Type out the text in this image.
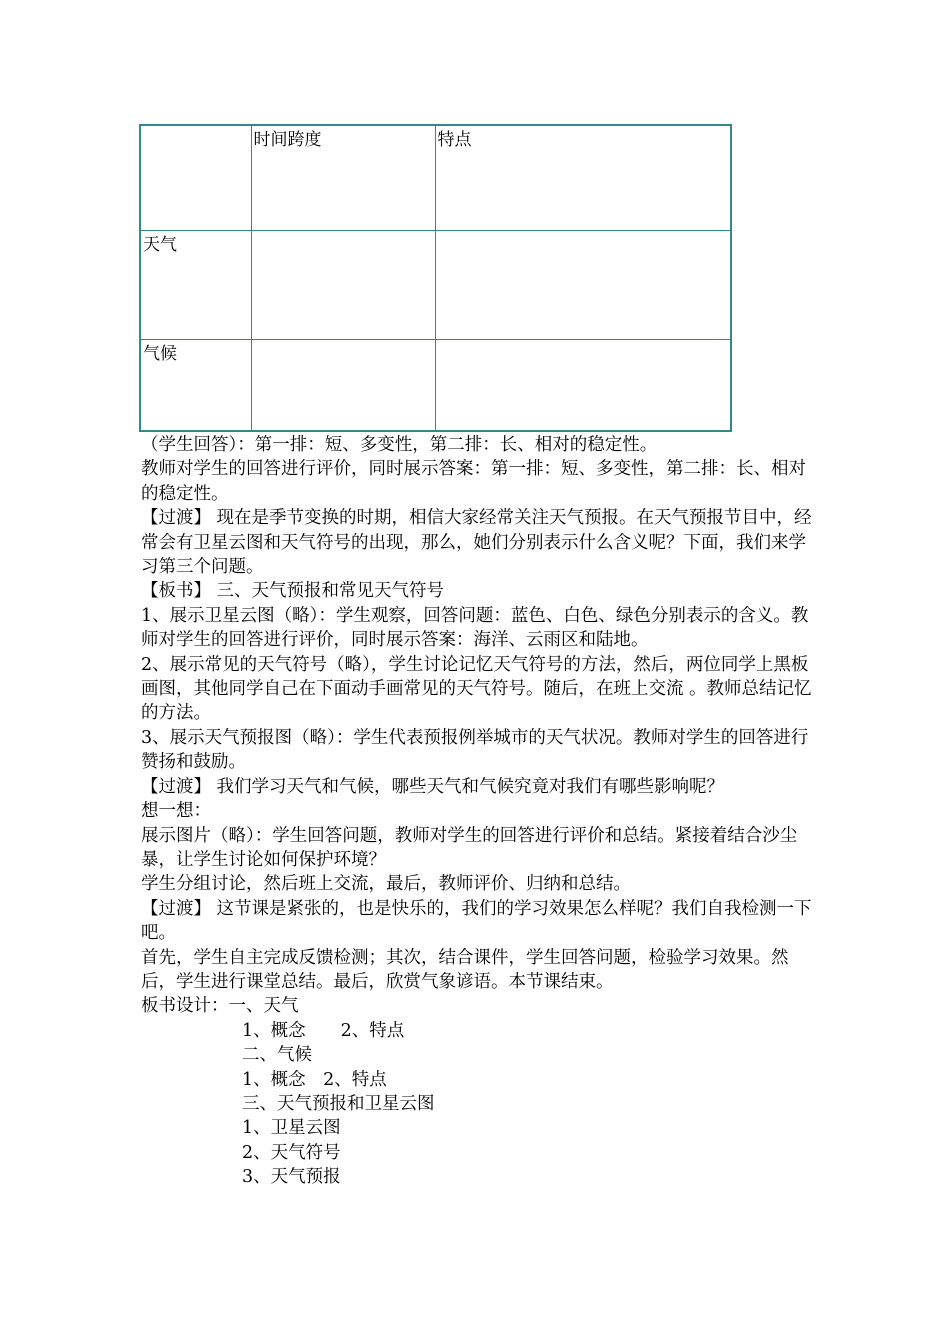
	时间跨度	特点
天气		
气候		

（学生回答）：第一排：短、多变性，第二排：长、相对的稳定性。

教师对学生的回答进行评价，同时展示答案：第一排：短、多变性，第二排：长、相对的稳定性。

【过渡】 现在是季节变换的时期，相信大家经常关注天气预报。在天气预报节目中，经常会有卫星云图和天气符号的出现，那么，她们分别表示什么含义呢？下面，我们来学习第三个问题。

【板书】 三、天气预报和常见天气符号

1、展示卫星云图（略）：学生观察，回答问题：蓝色、白色、绿色分别表示的含义。教师对学生的回答进行评价，同时展示答案：海洋、云雨区和陆地。

2、展示常见的天气符号（略），学生讨论记忆天气符号的方法，然后，两位同学上黑板画图，其他同学自己在下面动手画常见的天气符号。随后，在班上交流 。教师总结记忆的方法。

3、展示天气预报图（略）：学生代表预报例举城市的天气状况。教师对学生的回答进行赞扬和鼓励。

【过渡】 我们学习天气和气候，哪些天气和气候究竟对我们有哪些影响呢？

想一想：

展示图片（略）：学生回答问题，教师对学生的回答进行评价和总结。紧接着结合沙尘暴，让学生讨论如何保护环境？

学生分组讨论，然后班上交流，最后，教师评价、归纳和总结。

【过渡】 这节课是紧张的，也是快乐的，我们的学习效果怎么样呢？我们自我检测一下吧。

首先，学生自主完成反馈检测；其次，结合课件，学生回答问题，检验学习效果。然后，学生进行课堂总结。最后，欣赏气象谚语。本节课结束。

板书设计：一、天气

1、概念　　2、特点

二、气候

1、概念　2、特点

三、天气预报和卫星云图

1、卫星云图

2、天气符号

3、天气预报
